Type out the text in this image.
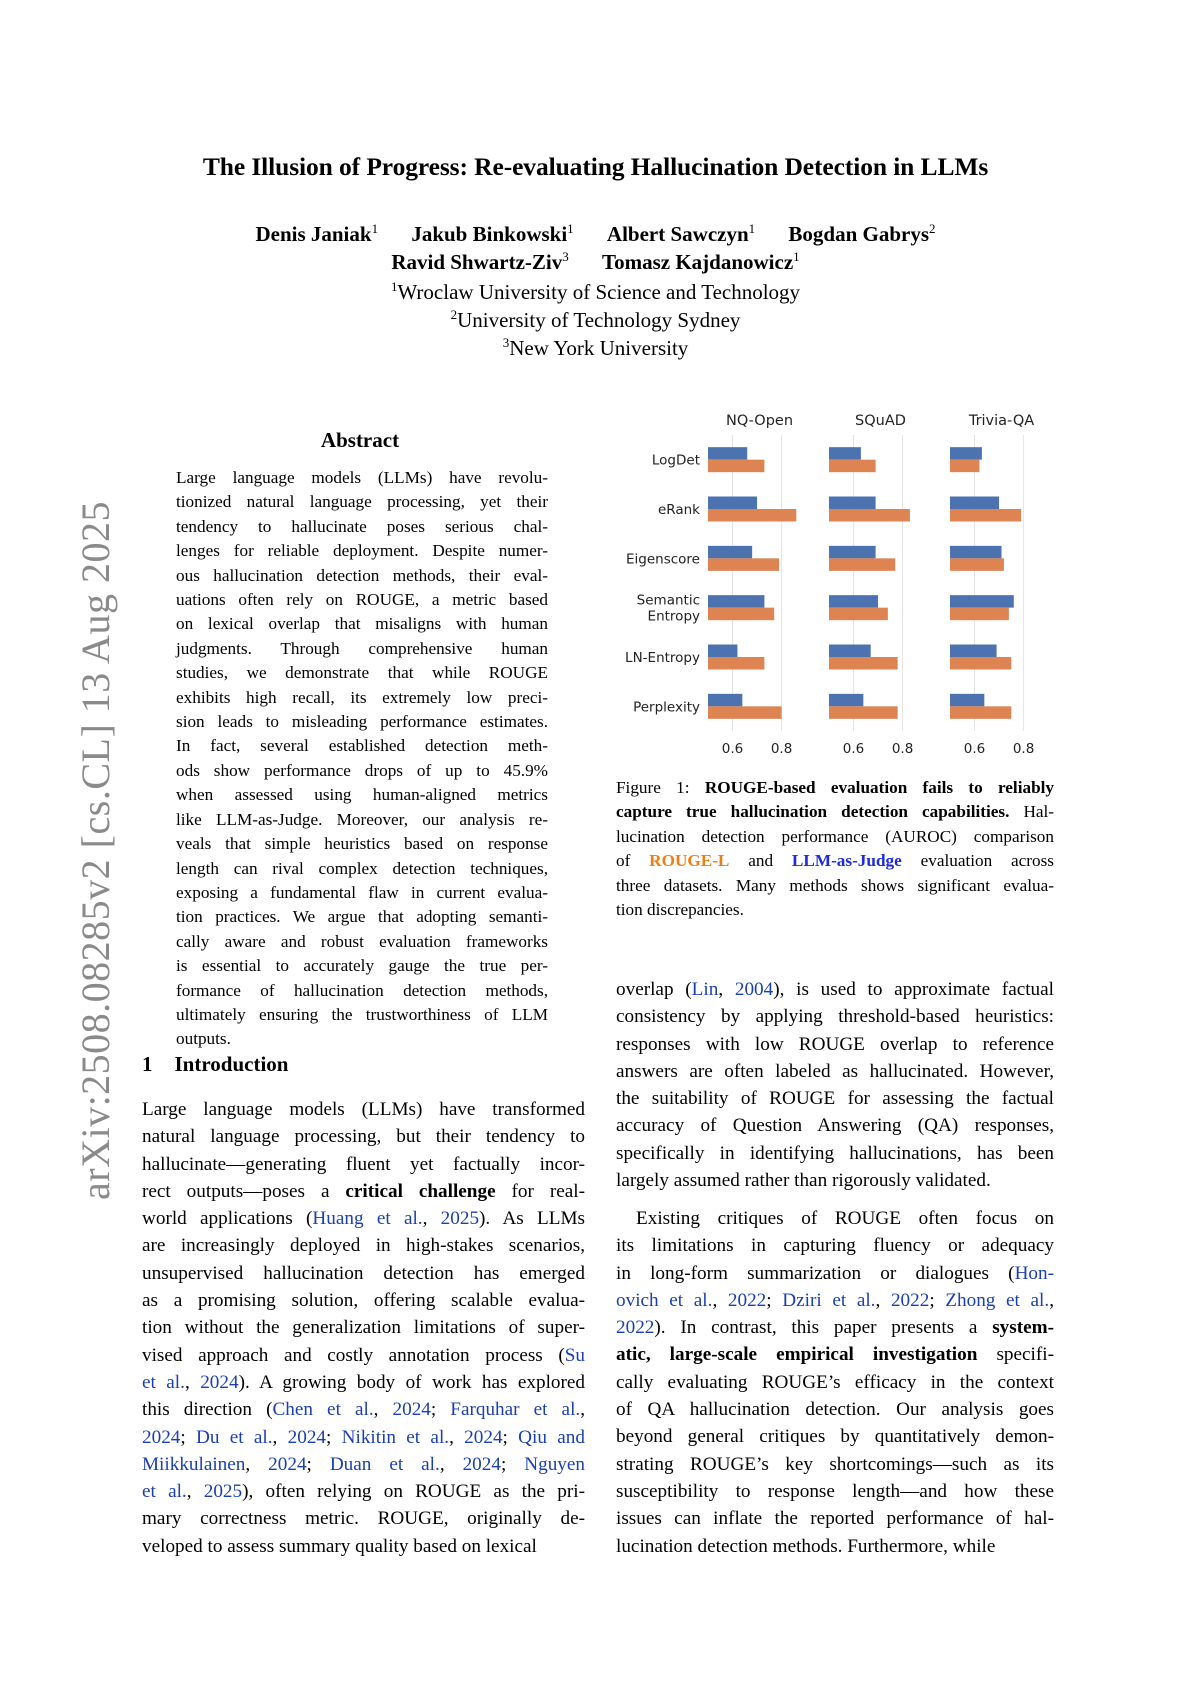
arXiv:2508.08285v2 [cs.CL] 13 Aug 2025
The Illusion of Progress: Re-evaluating Hallucination Detection in LLMs
Denis Janiak$^1$ Jakub Binkowski$^1$ Albert Sawczyn$^1$ Bogdan Gabrys$^2$
Ravid Shwartz-Ziv$^3$ Tomasz Kajdanowicz$^1$
$^1$Wroclaw University of Science and Technology
$^2$University of Technology Sydney
$^3$New York University
Abstract
Large language models (LLMs) have revolu-
tionized natural language processing, yet their
tendency to hallucinate poses serious chal-
lenges for reliable deployment. Despite numer-
ous hallucination detection methods, their eval-
uations often rely on ROUGE, a metric based
on lexical overlap that misaligns with human
judgments. Through comprehensive human
studies, we demonstrate that while ROUGE
exhibits high recall, its extremely low preci-
sion leads to misleading performance estimates.
In fact, several established detection meth-
ods show performance drops of up to 45.9%
when assessed using human-aligned metrics
like LLM-as-Judge. Moreover, our analysis re-
veals that simple heuristics based on response
length can rival complex detection techniques,
exposing a fundamental flaw in current evalua-
tion practices. We argue that adopting semanti-
cally aware and robust evaluation frameworks
is essential to accurately gauge the true per-
formance of hallucination detection methods,
ultimately ensuring the trustworthiness of LLM
outputs.
1 Introduction
Large language models (LLMs) have transformed
natural language processing, but their tendency to
hallucinate—generating fluent yet factually incor-
rect outputs—poses a critical challenge for real-
world applications (Huang et al., 2025). As LLMs
are increasingly deployed in high-stakes scenarios,
unsupervised hallucination detection has emerged
as a promising solution, offering scalable evalua-
tion without the generalization limitations of super-
vised approach and costly annotation process (Su
et al., 2024). A growing body of work has explored
this direction (Chen et al., 2024; Farquhar et al.,
2024; Du et al., 2024; Nikitin et al., 2024; Qiu and
Miikkulainen, 2024; Duan et al., 2024; Nguyen
et al., 2025), often relying on ROUGE as the pri-
mary correctness metric. ROUGE, originally de-
veloped to assess summary quality based on lexical
overlap (Lin, 2004), is used to approximate factual
consistency by applying threshold-based heuristics:
responses with low ROUGE overlap to reference
answers are often labeled as hallucinated. However,
the suitability of ROUGE for assessing the factual
accuracy of Question Answering (QA) responses,
specifically in identifying hallucinations, has been
largely assumed rather than rigorously validated.
Existing critiques of ROUGE often focus on
its limitations in capturing fluency or adequacy
in long-form summarization or dialogues (Hon-
ovich et al., 2022; Dziri et al., 2022; Zhong et al.,
2022). In contrast, this paper presents a system-
atic, large-scale empirical investigation specifi-
cally evaluating ROUGE’s efficacy in the context
of QA hallucination detection. Our analysis goes
beyond general critiques by quantitatively demon-
strating ROUGE’s key shortcomings—such as its
susceptibility to response length—and how these
issues can inflate the reported performance of hal-
lucination detection methods. Furthermore, while
NQ-Open
0.6 0.8
SQuAD
0.6 0.8
Trivia-QA
0.6 0.8
LogDet
eRank
Eigenscore
Semantic
Entropy
LN-Entropy
Perplexity
Figure 1: ROUGE-based evaluation fails to reliably
capture true hallucination detection capabilities. Hal-
lucination detection performance (AUROC) comparison
of ROUGE-L and LLM-as-Judge evaluation across
three datasets. Many methods shows significant evalua-
tion discrepancies.
